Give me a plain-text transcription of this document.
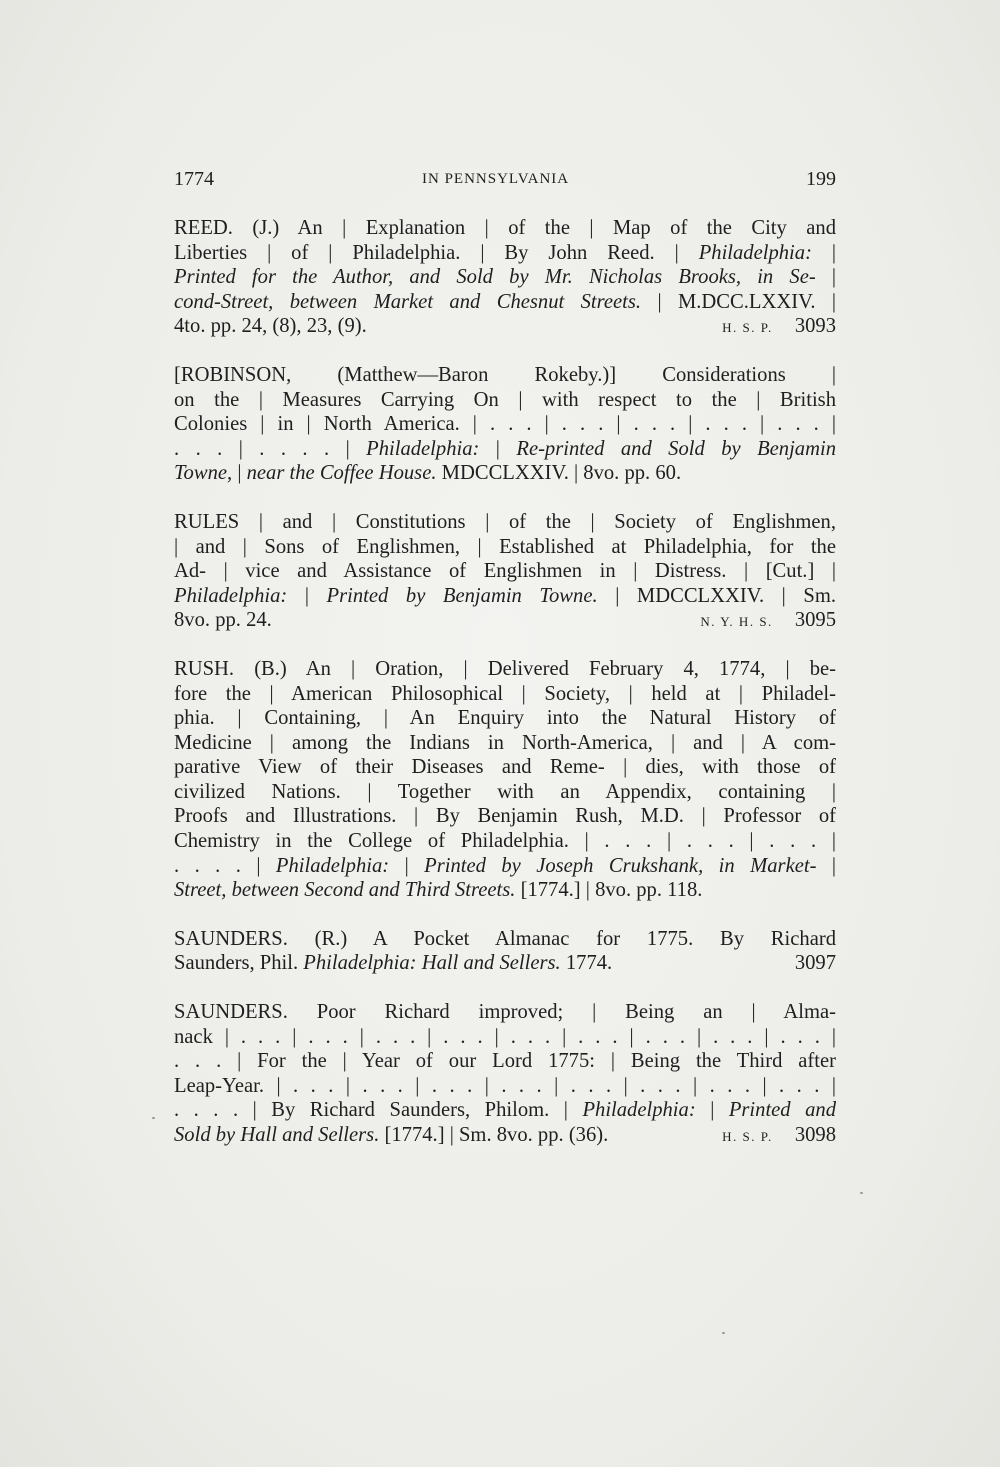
1774	IN PENNSYLVANIA	199
REED. (J.) An | Explanation | of the | Map of the City and
Liberties | of | Philadelphia. | By John Reed. | Philadelphia: |
Printed for the Author, and Sold by Mr. Nicholas Brooks, in Se- |
cond-Street, between Market and Chesnut Streets. | M.DCC.LXXIV. |
4to. pp. 24, (8), 23, (9).	H. S. P. 3093
[ROBINSON, (Matthew—Baron Rokeby.)] Considerations |
on the | Measures Carrying On | with respect to the | British
Colonies | in | North America. | . . . | . . . | . . . | . . . | . . . |
. . . | . . . . | Philadelphia: | Re-printed and Sold by Benjamin
Towne, | near the Coffee House. MDCCLXXIV. | 8vo. pp. 60.
RULES | and | Constitutions | of the | Society of Englishmen,
| and | Sons of Englishmen, | Established at Philadelphia, for the
Ad- | vice and Assistance of Englishmen in | Distress. | [Cut.] |
Philadelphia: | Printed by Benjamin Towne. | MDCCLXXIV. | Sm.
8vo. pp. 24.	N. Y. H. S. 3095
RUSH. (B.) An | Oration, | Delivered February 4, 1774, | be-
fore the | American Philosophical | Society, | held at | Philadel-
phia. | Containing, | An Enquiry into the Natural History of
Medicine | among the Indians in North-America, | and | A com-
parative View of their Diseases and Reme- | dies, with those of
civilized Nations. | Together with an Appendix, containing |
Proofs and Illustrations. | By Benjamin Rush, M.D. | Professor of
Chemistry in the College of Philadelphia. | . . . | . . . | . . . |
. . . . | Philadelphia: | Printed by Joseph Crukshank, in Market- |
Street, between Second and Third Streets. [1774.] | 8vo. pp. 118.
SAUNDERS. (R.) A Pocket Almanac for 1775. By Richard
Saunders, Phil. Philadelphia: Hall and Sellers. 1774.	3097
SAUNDERS. Poor Richard improved; | Being an | Alma-
nack | . . . | . . . | . . . | . . . | . . . | . . . | . . . | . . . | . . . |
. . . | For the | Year of our Lord 1775: | Being the Third after
Leap-Year. | . . . | . . . | . . . | . . . | . . . | . . . | . . . | . . . |
. . . . | By Richard Saunders, Philom. | Philadelphia: | Printed and
Sold by Hall and Sellers. [1774.] | Sm. 8vo. pp. (36).	H. S. P. 3098
